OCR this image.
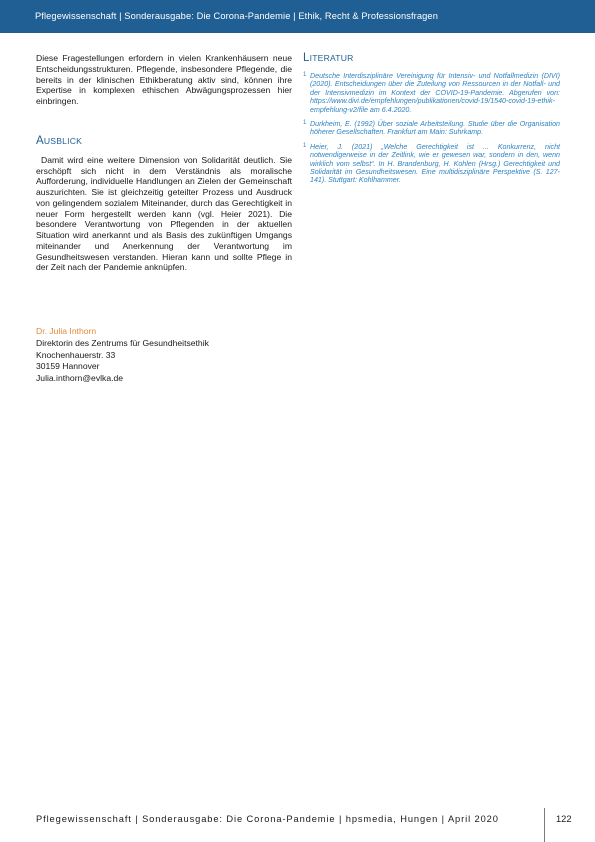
Pflegewissenschaft | Sonderausgabe: Die Corona-Pandemie | Ethik, Recht & Professionsfragen

Diese Fragestellungen erfordern in vielen Krankenhäusern neue Entscheidungsstrukturen. Pflegende, insbesondere Pflegende, die bereits in der klinischen Ethikberatung aktiv sind, können ihre Expertise in komplexen ethischen Abwägungsprozessen hier einbringen.

AUSBLICK

Damit wird eine weitere Dimension von Solidarität deutlich. Sie erschöpft sich nicht in dem Verständnis als moralische Aufforderung, individuelle Handlungen an Zielen der Gemeinschaft auszurichten. Sie ist gleichzeitig geteilter Prozess und Ausdruck von gelingendem sozialem Miteinander, durch das Gerechtigkeit in neuer Form hergestellt werden kann (vgl. Heier 2021). Die besondere Verantwortung von Pflegenden in der aktuellen Situation wird anerkannt und als Basis des zukünftigen Umgangs miteinander und Anerkennung der Verantwortung im Gesundheitswesen verstanden. Hieran kann und sollte Pflege in der Zeit nach der Pandemie anknüpfen.

Dr. Julia Inthorn
Direktorin des Zentrums für Gesundheitsethik
Knochenhauerstr. 33
30159 Hannover
Julia.inthorn@evlka.de
LITERATUR

1 Deutsche Interdisziplinäre Vereinigung für Intensiv- und Notfallmedizin (DIVI) (2020). Entscheidungen über die Zuteilung von Ressourcen in der Notfall- und der Intensivmedizin im Kontext der COVID-19-Pandemie. Abgerufen von: https://www.divi.de/empfehlungen/publikationen/covid-19/1540-covid-19-ethik-empfehlung-v2/file am 6.4.2020.

1 Durkheim, E. (1992) Über soziale Arbeitsteilung. Studie über die Organisation höherer Gesellschaften. Frankfurt am Main: Suhrkamp.

1 Heier, J. (2021) „Welche Gerechtigkeit ist ... Konkurrenz, nicht notwendigerweise in der Zeitlink, wie er gewesen war, sondern in den, wenn wirklich vom selbst“. In H. Brandenburg, H. Kohlen (Hrsg.) Gerechtigkeit und Solidarität im Gesundheitswesen. Eine multidisziplinäre Perspektive (S. 127-141). Stuttgart: Kohlhammer.

Pflegewissenschaft | Sonderausgabe: Die Corona-Pandemie | hpsmedia, Hungen | April 2020	122
